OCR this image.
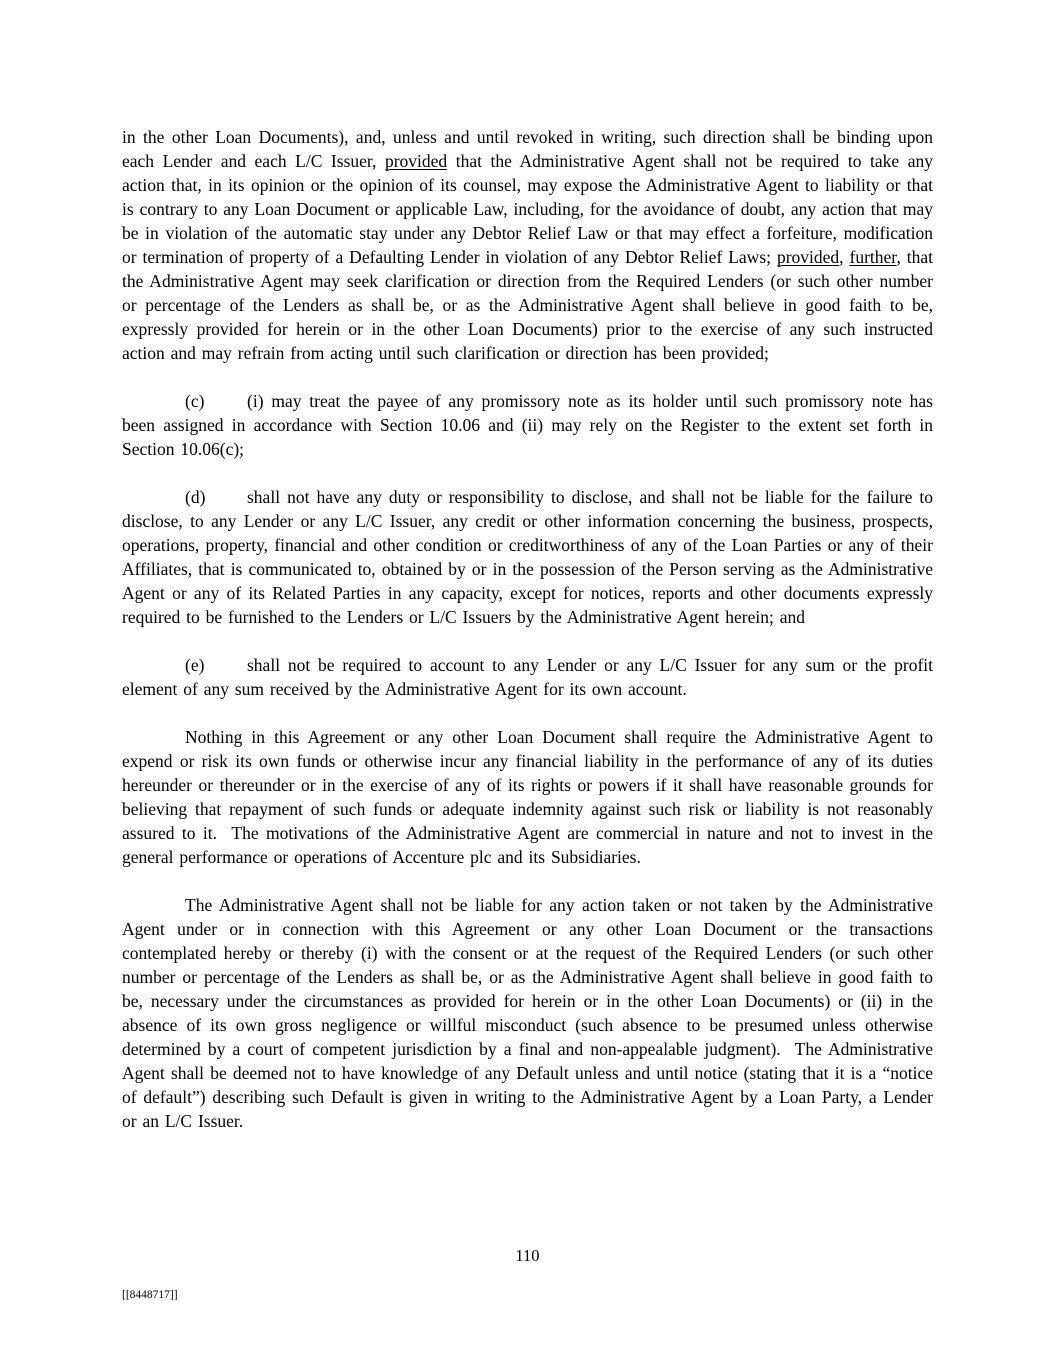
in the other Loan Documents), and, unless and until revoked in writing, such direction shall be binding upon each Lender and each L/C Issuer, provided that the Administrative Agent shall not be required to take any action that, in its opinion or the opinion of its counsel, may expose the Administrative Agent to liability or that is contrary to any Loan Document or applicable Law, including, for the avoidance of doubt, any action that may be in violation of the automatic stay under any Debtor Relief Law or that may effect a forfeiture, modification or termination of property of a Defaulting Lender in violation of any Debtor Relief Laws; provided, further, that the Administrative Agent may seek clarification or direction from the Required Lenders (or such other number or percentage of the Lenders as shall be, or as the Administrative Agent shall believe in good faith to be, expressly provided for herein or in the other Loan Documents) prior to the exercise of any such instructed action and may refrain from acting until such clarification or direction has been provided;

(c) (i) may treat the payee of any promissory note as its holder until such promissory note has been assigned in accordance with Section 10.06 and (ii) may rely on the Register to the extent set forth in Section 10.06(c);

(d) shall not have any duty or responsibility to disclose, and shall not be liable for the failure to disclose, to any Lender or any L/C Issuer, any credit or other information concerning the business, prospects, operations, property, financial and other condition or creditworthiness of any of the Loan Parties or any of their Affiliates, that is communicated to, obtained by or in the possession of the Person serving as the Administrative Agent or any of its Related Parties in any capacity, except for notices, reports and other documents expressly required to be furnished to the Lenders or L/C Issuers by the Administrative Agent herein; and

(e) shall not be required to account to any Lender or any L/C Issuer for any sum or the profit element of any sum received by the Administrative Agent for its own account.

Nothing in this Agreement or any other Loan Document shall require the Administrative Agent to expend or risk its own funds or otherwise incur any financial liability in the performance of any of its duties hereunder or thereunder or in the exercise of any of its rights or powers if it shall have reasonable grounds for believing that repayment of such funds or adequate indemnity against such risk or liability is not reasonably assured to it.  The motivations of the Administrative Agent are commercial in nature and not to invest in the general performance or operations of Accenture plc and its Subsidiaries.

The Administrative Agent shall not be liable for any action taken or not taken by the Administrative Agent under or in connection with this Agreement or any other Loan Document or the transactions contemplated hereby or thereby (i) with the consent or at the request of the Required Lenders (or such other number or percentage of the Lenders as shall be, or as the Administrative Agent shall believe in good faith to be, necessary under the circumstances as provided for herein or in the other Loan Documents) or (ii) in the absence of its own gross negligence or willful misconduct (such absence to be presumed unless otherwise determined by a court of competent jurisdiction by a final and non-appealable judgment).  The Administrative Agent shall be deemed not to have knowledge of any Default unless and until notice (stating that it is a “notice of default”) describing such Default is given in writing to the Administrative Agent by a Loan Party, a Lender or an L/C Issuer.

110
[[8448717]]
